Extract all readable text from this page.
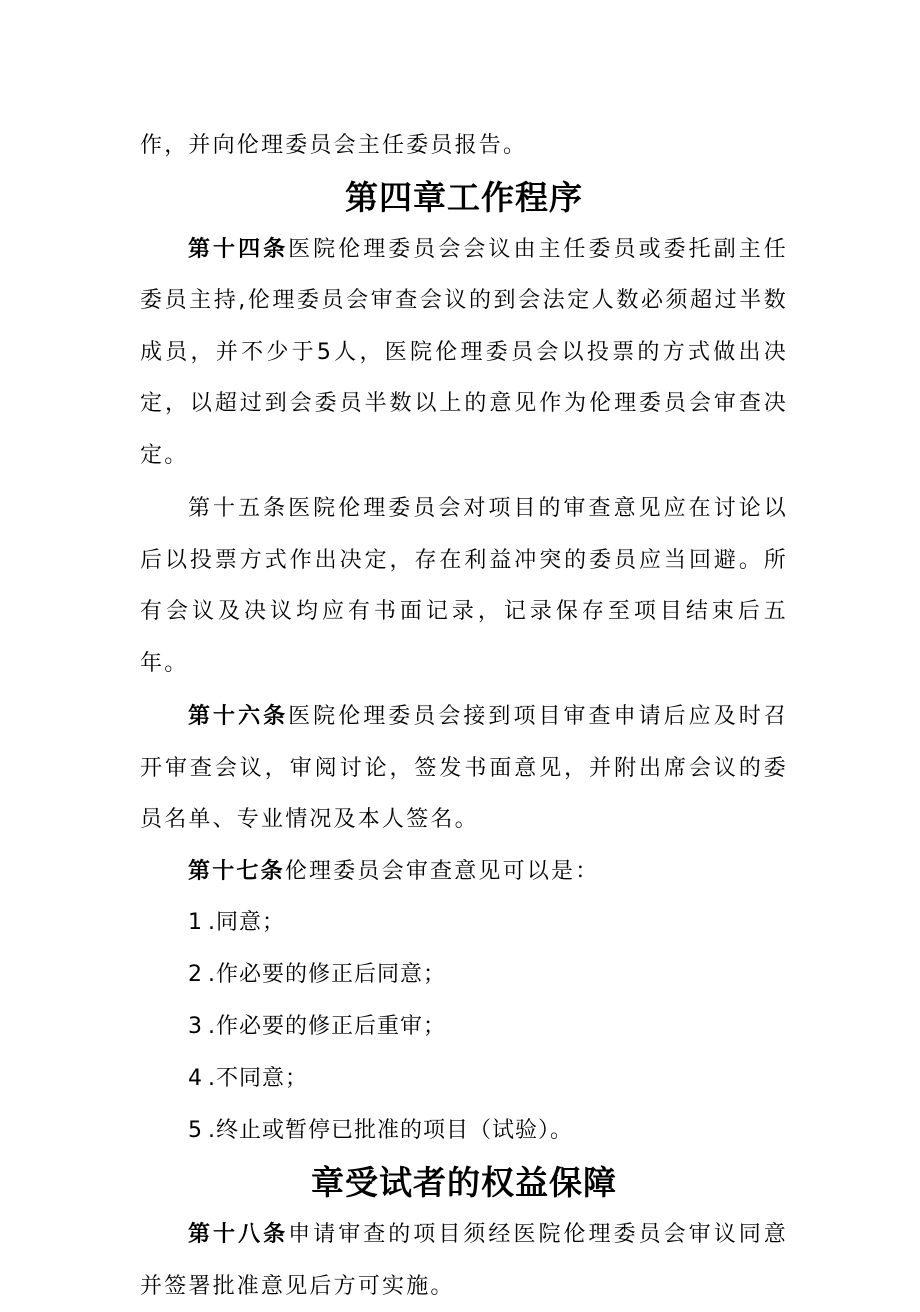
作，并向伦理委员会主任委员报告。

第四章工作程序

第十四条医院伦理委员会会议由主任委员或委托副主任委员主持,伦理委员会审查会议的到会法定人数必须超过半数成员，并不少于5人，医院伦理委员会以投票的方式做出决定，以超过到会委员半数以上的意见作为伦理委员会审查决定。

第十五条医院伦理委员会对项目的审查意见应在讨论以后以投票方式作出决定，存在利益冲突的委员应当回避。所有会议及决议均应有书面记录，记录保存至项目结束后五年。

第十六条医院伦理委员会接到项目审查申请后应及时召开审查会议，审阅讨论，签发书面意见，并附出席会议的委员名单、专业情况及本人签名。

第十七条伦理委员会审查意见可以是：

1 .同意；

2 .作必要的修正后同意；

3 .作必要的修正后重审；

4 .不同意；

5 .终止或暂停已批准的项目（试验）。

章受试者的权益保障

第十八条申请审查的项目须经医院伦理委员会审议同意并签署批准意见后方可实施。
